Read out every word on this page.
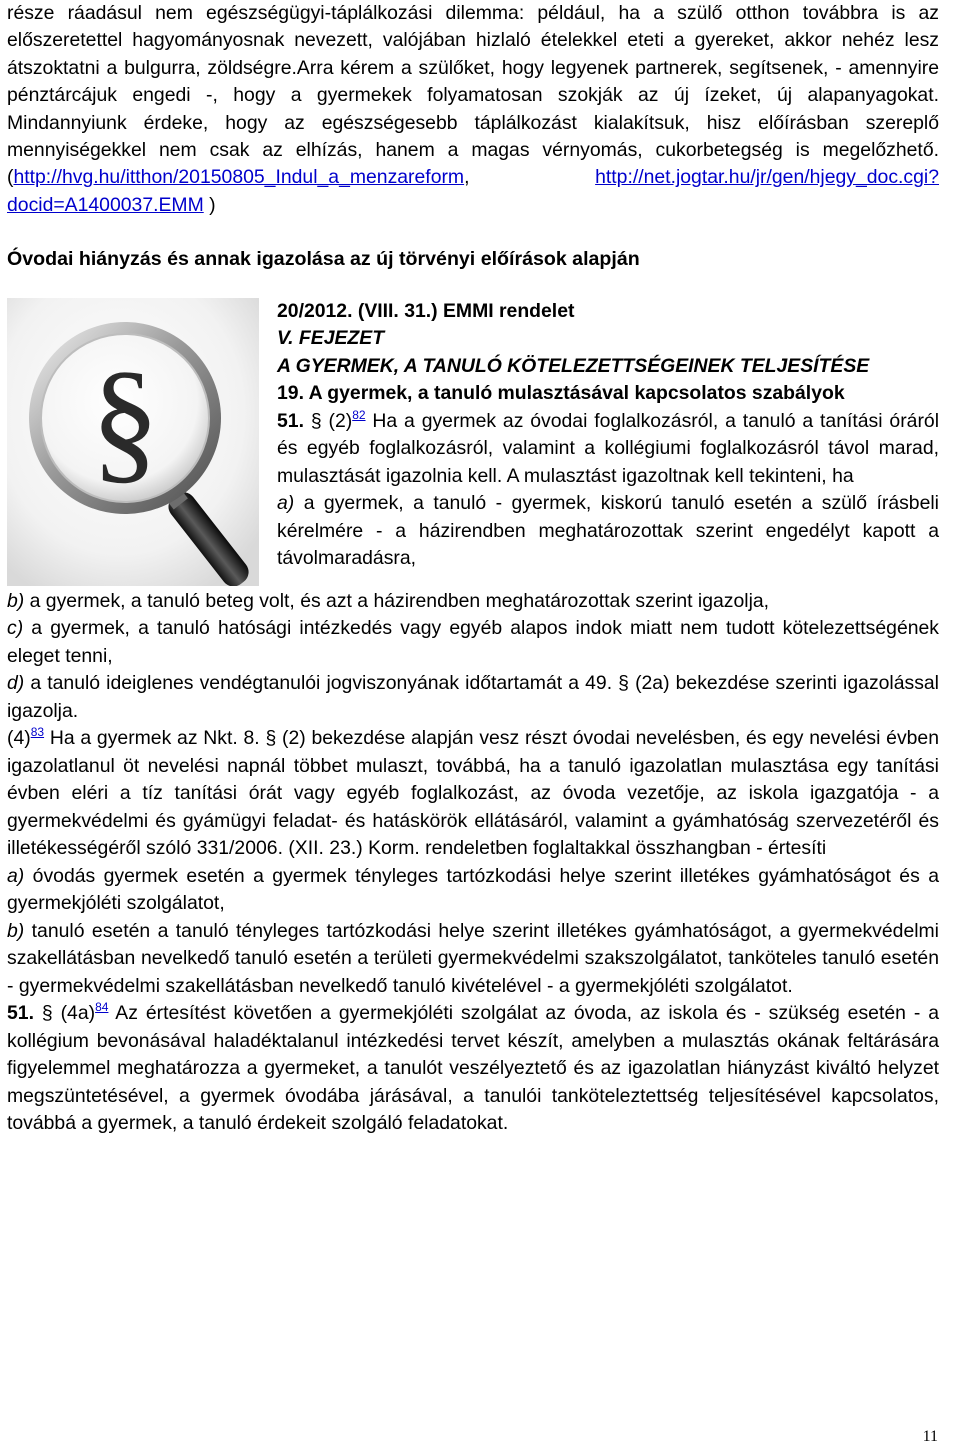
része ráadásul nem egészségügyi-táplálkozási dilemma: például, ha a szülő otthon továbbra is az előszeretettel hagyományosnak nevezett, valójában hizlaló ételekkel eteti a gyereket, akkor nehéz lesz átszoktatni a bulgurra, zöldségre.Arra kérem a szülőket, hogy legyenek partnerek, segítsenek, - amennyire pénztárcájuk engedi -, hogy a gyermekek folyamatosan szokják az új ízeket, új alapanyagokat. Mindannyiunk érdeke, hogy az egészségesebb táplálkozást kialakítsuk, hisz előírásban szereplő mennyiségekkel nem csak az elhízás, hanem a magas vérnyomás, cukorbetegség is megelőzhető. (http://hvg.hu/itthon/20150805_Indul_a_menzareform, http://net.jogtar.hu/jr/gen/hjegy_doc.cgi?docid=A1400037.EMM )

Óvodai hiányzás és annak igazolása az új törvényi előírások alapján

§

20/2012. (VIII. 31.) EMMI rendelet

V. FEJEZET

A GYERMEK, A TANULÓ KÖTELEZETTSÉGEINEK TELJESÍTÉSE

19. A gyermek, a tanuló mulasztásával kapcsolatos szabályok

51. § $(2)^{82}$ Ha a gyermek az óvodai foglalkozásról, a tanuló a tanítási óráról és egyéb foglalkozásról, valamint a kollégiumi foglalkozásról távol marad, mulasztását igazolnia kell. A mulasztást igazoltnak kell tekinteni, ha

a) a gyermek, a tanuló - gyermek, kiskorú tanuló esetén a szülő írásbeli kérelmére - a házirendben meghatározottak szerint engedélyt kapott a távolmaradásra,

b) a gyermek, a tanuló beteg volt, és azt a házirendben meghatározottak szerint igazolja,

c) a gyermek, a tanuló hatósági intézkedés vagy egyéb alapos indok miatt nem tudott kötelezettségének eleget tenni,

d) a tanuló ideiglenes vendégtanulói jogviszonyának időtartamát a 49. § (2a) bekezdése szerinti igazolással igazolja.

$(4)^{83}$ Ha a gyermek az Nkt. 8. § (2) bekezdése alapján vesz részt óvodai nevelésben, és egy nevelési évben igazolatlanul öt nevelési napnál többet mulaszt, továbbá, ha a tanuló igazolatlan mulasztása egy tanítási évben eléri a tíz tanítási órát vagy egyéb foglalkozást, az óvoda vezetője, az iskola igazgatója - a gyermekvédelmi és gyámügyi feladat- és hatáskörök ellátásáról, valamint a gyámhatóság szervezetéről és illetékességéről szóló 331/2006. (XII. 23.) Korm. rendeletben foglaltakkal összhangban - értesíti

a) óvodás gyermek esetén a gyermek tényleges tartózkodási helye szerint illetékes gyámhatóságot és a gyermekjóléti szolgálatot,

b) tanuló esetén a tanuló tényleges tartózkodási helye szerint illetékes gyámhatóságot, a gyermekvédelmi szakellátásban nevelkedő tanuló esetén a területi gyermekvédelmi szakszolgálatot, tanköteles tanuló esetén - gyermekvédelmi szakellátásban nevelkedő tanuló kivételével - a gyermekjóléti szolgálatot.

51. § $(4a)^{84}$ Az értesítést követően a gyermekjóléti szolgálat az óvoda, az iskola és - szükség esetén - a kollégium bevonásával haladéktalanul intézkedési tervet készít, amelyben a mulasztás okának feltárására figyelemmel meghatározza a gyermeket, a tanulót veszélyeztető és az igazolatlan hiányzást kiváltó helyzet megszüntetésével, a gyermek óvodába járásával, a tanulói tanköteleztettség teljesítésével kapcsolatos, továbbá a gyermek, a tanuló érdekeit szolgáló feladatokat.

11
